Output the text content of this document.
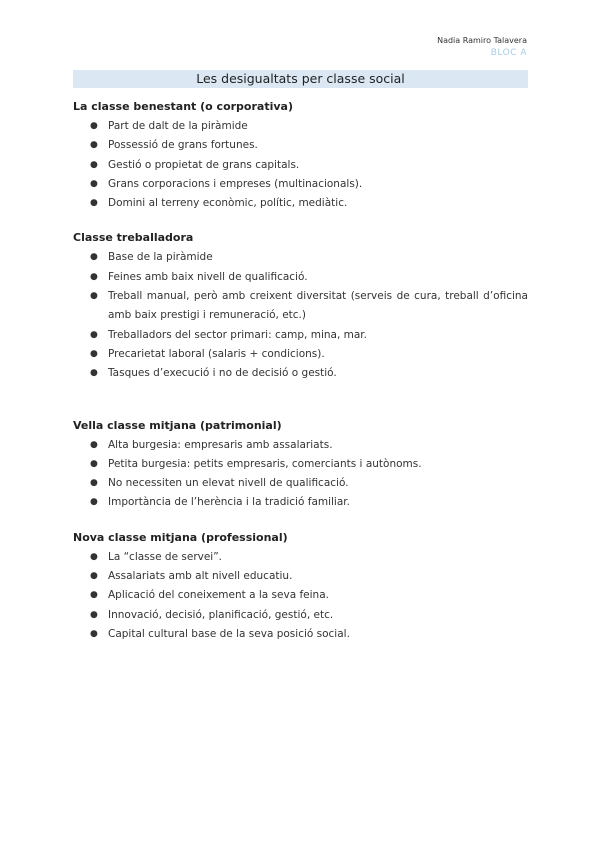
Nadia Ramiro Talavera
BLOC A
Les desigualtats per classe social

La classe benestant (o corporativa)

● Part de dalt de la piràmide
● Possessió de grans fortunes.
● Gestió o propietat de grans capitals.
● Grans corporacions i empreses (multinacionals).
● Domini al terreny econòmic, polític, mediàtic.

Classe treballadora

● Base de la piràmide
● Feines amb baix nivell de qualificació.
● Treball manual, però amb creixent diversitat (serveis de cura, treball d’oficina amb baix prestigi i remuneració, etc.)
● Treballadors del sector primari: camp, mina, mar.
● Precarietat laboral (salaris + condicions).
● Tasques d’execució i no de decisió o gestió.

Vella classe mitjana (patrimonial)

● Alta burgesia: empresaris amb assalariats.
● Petita burgesia: petits empresaris, comerciants i autònoms.
● No necessiten un elevat nivell de qualificació.
● Importància de l’herència i la tradició familiar.

Nova classe mitjana (professional)

● La “classe de servei”.
● Assalariats amb alt nivell educatiu.
● Aplicació del coneixement a la seva feina.
● Innovació, decisió, planificació, gestió, etc.
● Capital cultural base de la seva posició social.
